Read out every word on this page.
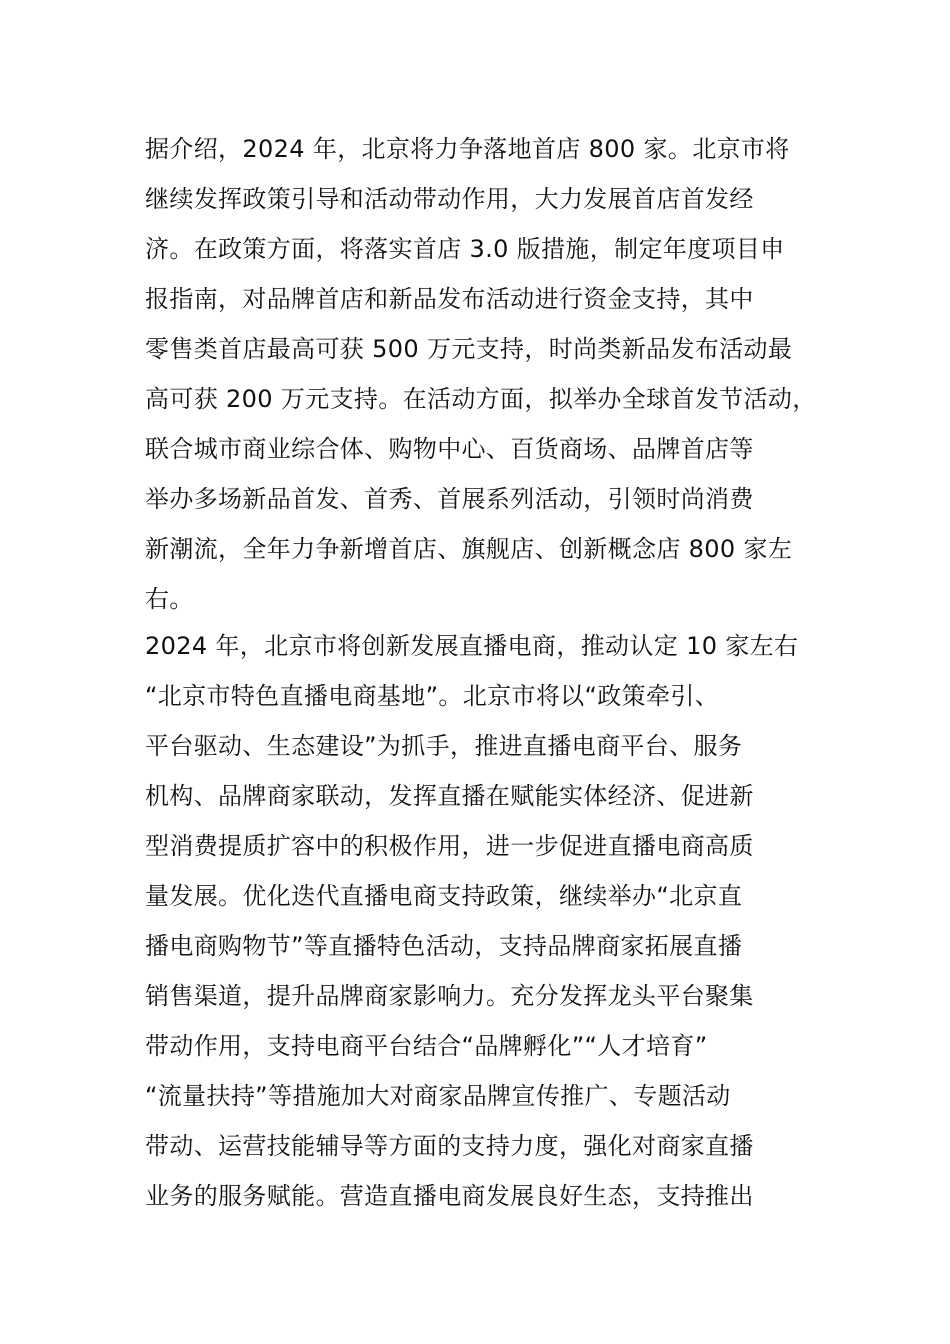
据介绍，2024 年，北京将力争落地首店 800 家。北京市将
继续发挥政策引导和活动带动作用，大力发展首店首发经
济。在政策方面，将落实首店 3.0 版措施，制定年度项目申
报指南，对品牌首店和新品发布活动进行资金支持，其中
零售类首店最高可获 500 万元支持，时尚类新品发布活动最
高可获 200 万元支持。在活动方面，拟举办全球首发节活动，
联合城市商业综合体、购物中心、百货商场、品牌首店等
举办多场新品首发、首秀、首展系列活动，引领时尚消费
新潮流，全年力争新增首店、旗舰店、创新概念店 800 家左
右。
2024 年，北京市将创新发展直播电商，推动认定 10 家左右
“北京市特色直播电商基地”。北京市将以“政策牵引、
平台驱动、生态建设”为抓手，推进直播电商平台、服务
机构、品牌商家联动，发挥直播在赋能实体经济、促进新
型消费提质扩容中的积极作用，进一步促进直播电商高质
量发展。优化迭代直播电商支持政策，继续举办“北京直
播电商购物节”等直播特色活动，支持品牌商家拓展直播
销售渠道，提升品牌商家影响力。充分发挥龙头平台聚集
带动作用，支持电商平台结合“品牌孵化”“人才培育”
“流量扶持”等措施加大对商家品牌宣传推广、专题活动
带动、运营技能辅导等方面的支持力度，强化对商家直播
业务的服务赋能。营造直播电商发展良好生态，支持推出
